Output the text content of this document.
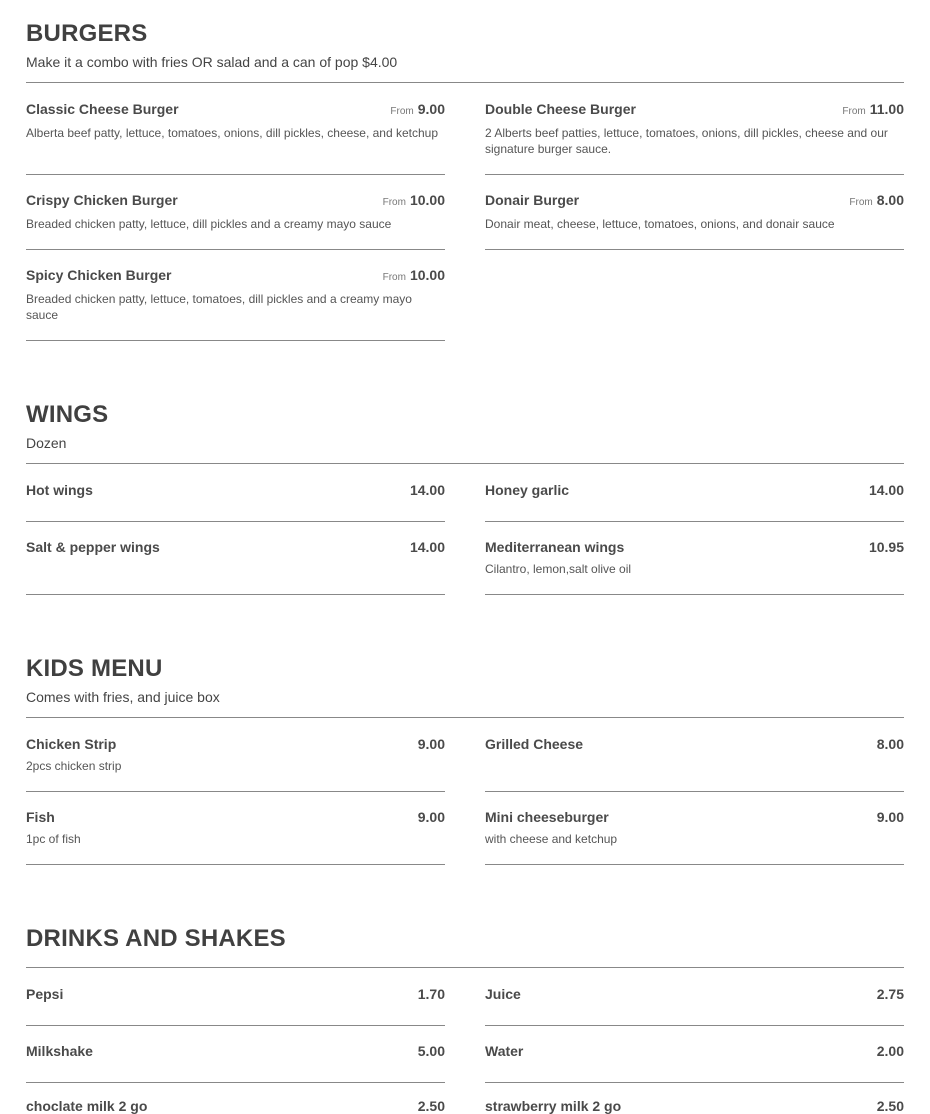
BURGERS
Make it a combo with fries OR salad and a can of pop $4.00
Classic Cheese Burger	From 9.00
Alberta beef patty, lettuce, tomatoes, onions, dill pickles, cheese, and ketchup
Double Cheese Burger	From 11.00
2 Alberts beef patties, lettuce, tomatoes, onions, dill pickles, cheese and our signature burger sauce.
Crispy Chicken Burger	From 10.00
Breaded chicken patty, lettuce, dill pickles and a creamy mayo sauce
Donair Burger	From 8.00
Donair meat, cheese, lettuce, tomatoes, onions, and donair sauce
Spicy Chicken Burger	From 10.00
Breaded chicken patty, lettuce, tomatoes, dill pickles and a creamy mayo sauce
WINGS
Dozen
Hot wings	14.00	Honey garlic	14.00
Salt & pepper wings	14.00	Mediterranean wings	10.95
Cilantro, lemon,salt olive oil
KIDS MENU
Comes with fries, and juice box
Chicken Strip	9.00
2pcs chicken strip
Grilled Cheese	8.00
Fish	9.00
1pc of fish
Mini cheeseburger	9.00
with cheese and ketchup
DRINKS AND SHAKES
Pepsi	1.70	Juice	2.75
Milkshake	5.00	Water	2.00
choclate milk 2 go	2.50	strawberry milk 2 go	2.50
